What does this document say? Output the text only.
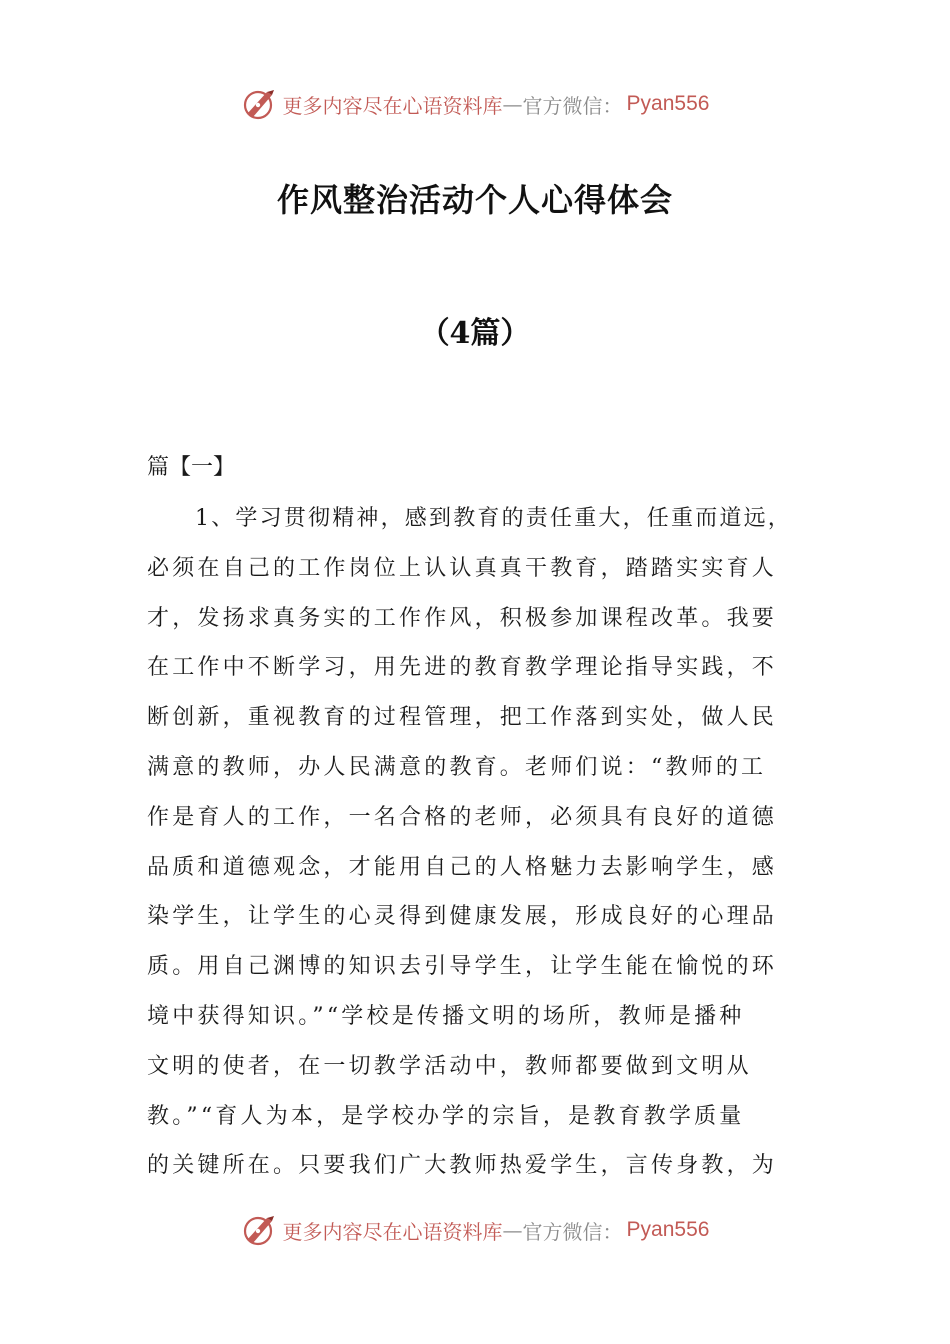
更多内容尽在心语资料库 — 官方微信： Pyan556
作风整治活动个人心得体会
（4篇）
篇【一】

1、学习贯彻精神，感到教育的责任重大，任重而道远，
必须在自己的工作岗位上认认真真干教育，踏踏实实育人
才，发扬求真务实的工作作风，积极参加课程改革。我要
在工作中不断学习，用先进的教育教学理论指导实践，不
断创新，重视教育的过程管理，把工作落到实处，做人民
满意的教师，办人民满意的教育。老师们说：“教师的工
作是育人的工作，一名合格的老师，必须具有良好的道德
品质和道德观念，才能用自己的人格魅力去影响学生，感
染学生，让学生的心灵得到健康发展，形成良好的心理品
质。用自己渊博的知识去引导学生，让学生能在愉悦的环
境中获得知识。”“学校是传播文明的场所，教师是播种
文明的使者，在一切教学活动中，教师都要做到文明从
教。”“育人为本，是学校办学的宗旨，是教育教学质量
的关键所在。只要我们广大教师热爱学生，言传身教，为

更多内容尽在心语资料库 — 官方微信： Pyan556
